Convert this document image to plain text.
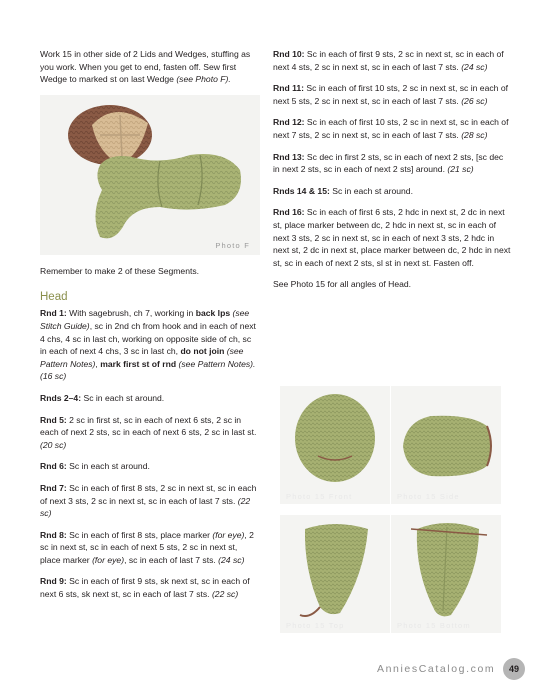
Work 15 in other side of 2 Lids and Wedges, stuffing as you work. When you get to end, fasten off. Sew first Wedge to marked st on last Wedge (see Photo F).

Photo F

Remember to make 2 of these Segments.

Head

Rnd 1: With sagebrush, ch 7, working in back lps (see Stitch Guide), sc in 2nd ch from hook and in each of next 4 chs, 4 sc in last ch, working on opposite side of ch, sc in each of next 4 chs, 3 sc in last ch, do not join (see Pattern Notes), mark first st of rnd (see Pattern Notes). (16 sc)

Rnds 2–4: Sc in each st around.

Rnd 5: 2 sc in first st, sc in each of next 6 sts, 2 sc in each of next 2 sts, sc in each of next 6 sts, 2 sc in last st. (20 sc)

Rnd 6: Sc in each st around.

Rnd 7: Sc in each of first 8 sts, 2 sc in next st, sc in each of next 3 sts, 2 sc in next st, sc in each of last 7 sts. (22 sc)

Rnd 8: Sc in each of first 8 sts, place marker (for eye), 2 sc in next st, sc in each of next 5 sts, 2 sc in next st, place marker (for eye), sc in each of last 7 sts. (24 sc)

Rnd 9: Sc in each of first 9 sts, sk next st, sc in each of next 6 sts, sk next st, sc in each of last 7 sts. (22 sc)

Rnd 10: Sc in each of first 9 sts, 2 sc in next st, sc in each of next 4 sts, 2 sc in next st, sc in each of last 7 sts. (24 sc)

Rnd 11: Sc in each of first 10 sts, 2 sc in next st, sc in each of next 5 sts, 2 sc in next st, sc in each of last 7 sts. (26 sc)

Rnd 12: Sc in each of first 10 sts, 2 sc in next st, sc in each of next 7 sts, 2 sc in next st, sc in each of last 7 sts. (28 sc)

Rnd 13: Sc dec in first 2 sts, sc in each of next 2 sts, [sc dec in next 2 sts, sc in each of next 2 sts] around. (21 sc)

Rnds 14 & 15: Sc in each st around.

Rnd 16: Sc in each of first 6 sts, 2 hdc in next st, 2 dc in next st, place marker between dc, 2 hdc in next st, sc in each of next 3 sts, 2 sc in next st, sc in each of next 3 sts, 2 hdc in next st, 2 dc in next st, place marker between dc, 2 hdc in next st, sc in each of next 2 sts, sl st in next st. Fasten off.

See Photo 15 for all angles of Head.

Photo 15 Front	Photo 15 Side
Photo 15 Top	Photo 15 Bottom
AnniesCatalog.com	49
